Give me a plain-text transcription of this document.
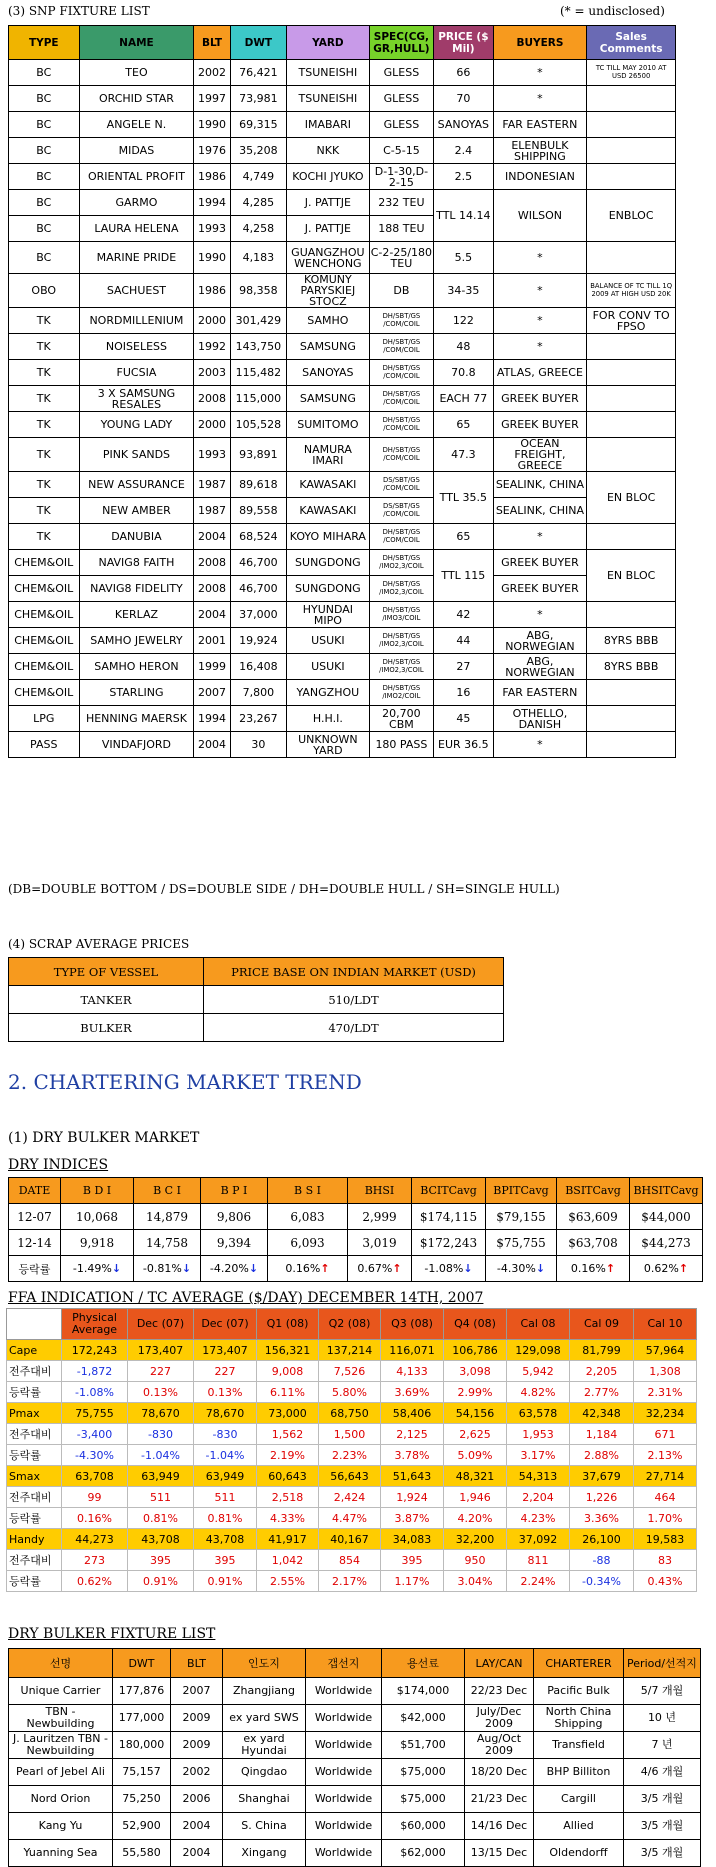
(3) SNP FIXTURE LIST	(* = undisclosed)
TYPE	NAME	BLT	DWT	YARD	SPEC(CG, GR,HULL)	PRICE ($ Mil)	BUYERS	Sales Comments
BC	TEO	2002	76,421	TSUNEISHI	GLESS	66	*	TC TILL MAY 2010 AT USD 26500
BC	ORCHID STAR	1997	73,981	TSUNEISHI	GLESS	70	*	
BC	ANGELE N.	1990	69,315	IMABARI	GLESS	SANOYAS	FAR EASTERN	
BC	MIDAS	1976	35,208	NKK	C-5-15	2.4	ELENBULK SHIPPING	
BC	ORIENTAL PROFIT	1986	4,749	KOCHI JYUKO	D-1-30,D-2-15	2.5	INDONESIAN	
BC	GARMO	1994	4,285	J. PATTJE	232 TEU	TTL 14.14	WILSON	ENBLOC
BC	LAURA HELENA	1993	4,258	J. PATTJE	188 TEU			
BC	MARINE PRIDE	1990	4,183	GUANGZHOU WENCHONG	C-2-25/180 TEU	5.5	*	
OBO	SACHUEST	1986	98,358	KOMUNY PARYSKIEJ STOCZ	DB	34-35	*	BALANCE OF TC TILL 1Q 2009 AT HIGH USD 20K
TK	NORDMILLENIUM	2000	301,429	SAMHO	DH/SBT/GS /COM/COIL	122	*	FOR CONV TO FPSO
TK	NOISELESS	1992	143,750	SAMSUNG	DH/SBT/GS /COM/COIL	48	*	
TK	FUCSIA	2003	115,482	SANOYAS	DH/SBT/GS /COM/COIL	70.8	ATLAS, GREECE	
TK	3 X SAMSUNG RESALES	2008	115,000	SAMSUNG	DH/SBT/GS /COM/COIL	EACH 77	GREEK BUYER	
TK	YOUNG LADY	2000	105,528	SUMITOMO	DH/SBT/GS /COM/COIL	65	GREEK BUYER	
TK	PINK SANDS	1993	93,891	NAMURA IMARI	DH/SBT/GS /COM/COIL	47.3	OCEAN FREIGHT, GREECE	
TK	NEW ASSURANCE	1987	89,618	KAWASAKI	DS/SBT/GS /COM/COIL	TTL 35.5	SEALINK, CHINA	EN BLOC
TK	NEW AMBER	1987	89,558	KAWASAKI	DS/SBT/GS /COM/COIL		SEALINK, CHINA	
TK	DANUBIA	2004	68,524	KOYO MIHARA	DH/SBT/GS /COM/COIL	65	*	
CHEM&OIL	NAVIG8 FAITH	2008	46,700	SUNGDONG	DH/SBT/GS /IMO2,3/COIL	TTL 115	GREEK BUYER	EN BLOC
CHEM&OIL	NAVIG8 FIDELITY	2008	46,700	SUNGDONG	DH/SBT/GS /IMO2,3/COIL		GREEK BUYER	
CHEM&OIL	KERLAZ	2004	37,000	HYUNDAI MIPO	DH/SBT/GS /IMO3/COIL	42	*	
CHEM&OIL	SAMHO JEWELRY	2001	19,924	USUKI	DH/SBT/GS /IMO2,3/COIL	44	ABG, NORWEGIAN	8YRS BBB
CHEM&OIL	SAMHO HERON	1999	16,408	USUKI	DH/SBT/GS /IMO2,3/COIL	27	ABG, NORWEGIAN	8YRS BBB
CHEM&OIL	STARLING	2007	7,800	YANGZHOU	DH/SBT/GS /IMO2/COIL	16	FAR EASTERN	
LPG	HENNING MAERSK	1994	23,267	H.H.I.	20,700 CBM	45	OTHELLO, DANISH	
PASS	VINDAFJORD	2004	30	UNKNOWN YARD	180 PASS	EUR 36.5	*	
(DB=DOUBLE BOTTOM / DS=DOUBLE SIDE / DH=DOUBLE HULL / SH=SINGLE HULL)
(4) SCRAP AVERAGE PRICES
TYPE OF VESSEL	PRICE BASE ON INDIAN MARKET (USD)
TANKER	510/LDT
BULKER	470/LDT
2. CHARTERING MARKET TREND
(1) DRY BULKER MARKET
DRY INDICES
DATE	B D I	B C I	B P I	B S I	BHSI	BCITCavg	BPITCavg	BSITCavg	BHSITCavg
12-07	10,068	14,879	9,806	6,083	2,999	$174,115	$79,155	$63,609	$44,000
12-14	9,918	14,758	9,394	6,093	3,019	$172,243	$75,755	$63,708	$44,273
등락률	-1.49%↓	-0.81%↓	-4.20%↓	0.16%↑	0.67%↑	-1.08%↓	-4.30%↓	0.16%↑	0.62%↑
FFA INDICATION / TC AVERAGE ($/DAY) DECEMBER 14TH, 2007
	Physical Average	Dec (07)	Dec (07)	Q1 (08)	Q2 (08)	Q3 (08)	Q4 (08)	Cal 08	Cal 09	Cal 10
Cape	172,243	173,407	173,407	156,321	137,214	116,071	106,786	129,098	81,799	57,964
전주대비	-1,872	227	227	9,008	7,526	4,133	3,098	5,942	2,205	1,308
등락률	-1.08%	0.13%	0.13%	6.11%	5.80%	3.69%	2.99%	4.82%	2.77%	2.31%
Pmax	75,755	78,670	78,670	73,000	68,750	58,406	54,156	63,578	42,348	32,234
전주대비	-3,400	-830	-830	1,562	1,500	2,125	2,625	1,953	1,184	671
등락률	-4.30%	-1.04%	-1.04%	2.19%	2.23%	3.78%	5.09%	3.17%	2.88%	2.13%
Smax	63,708	63,949	63,949	60,643	56,643	51,643	48,321	54,313	37,679	27,714
전주대비	99	511	511	2,518	2,424	1,924	1,946	2,204	1,226	464
등락률	0.16%	0.81%	0.81%	4.33%	4.47%	3.87%	4.20%	4.23%	3.36%	1.70%
Handy	44,273	43,708	43,708	41,917	40,167	34,083	32,200	37,092	26,100	19,583
전주대비	273	395	395	1,042	854	395	950	811	-88	83
등락률	0.62%	0.91%	0.91%	2.55%	2.17%	1.17%	3.04%	2.24%	-0.34%	0.43%
DRY BULKER FIXTURE LIST
선명	DWT	BLT	인도지	갭선지	용선료	LAY/CAN	CHARTERER	Period/선적지
Unique Carrier	177,876	2007	Zhangjiang	Worldwide	$174,000	22/23 Dec	Pacific Bulk	5/7 개월
TBN - Newbuilding	177,000	2009	ex yard SWS	Worldwide	$42,000	July/Dec 2009	North China Shipping	10 년
J. Lauritzen TBN - Newbuilding	180,000	2009	ex yard Hyundai	Worldwide	$51,700	Aug/Oct 2009	Transfield	7 년
Pearl of Jebel Ali	75,157	2002	Qingdao	Worldwide	$75,000	18/20 Dec	BHP Billiton	4/6 개월
Nord Orion	75,250	2006	Shanghai	Worldwide	$75,000	21/23 Dec	Cargill	3/5 개월
Kang Yu	52,900	2004	S. China	Worldwide	$60,000	14/16 Dec	Allied	3/5 개월
Yuanning Sea	55,580	2004	Xingang	Worldwide	$62,000	13/15 Dec	Oldendorff	3/5 개월
